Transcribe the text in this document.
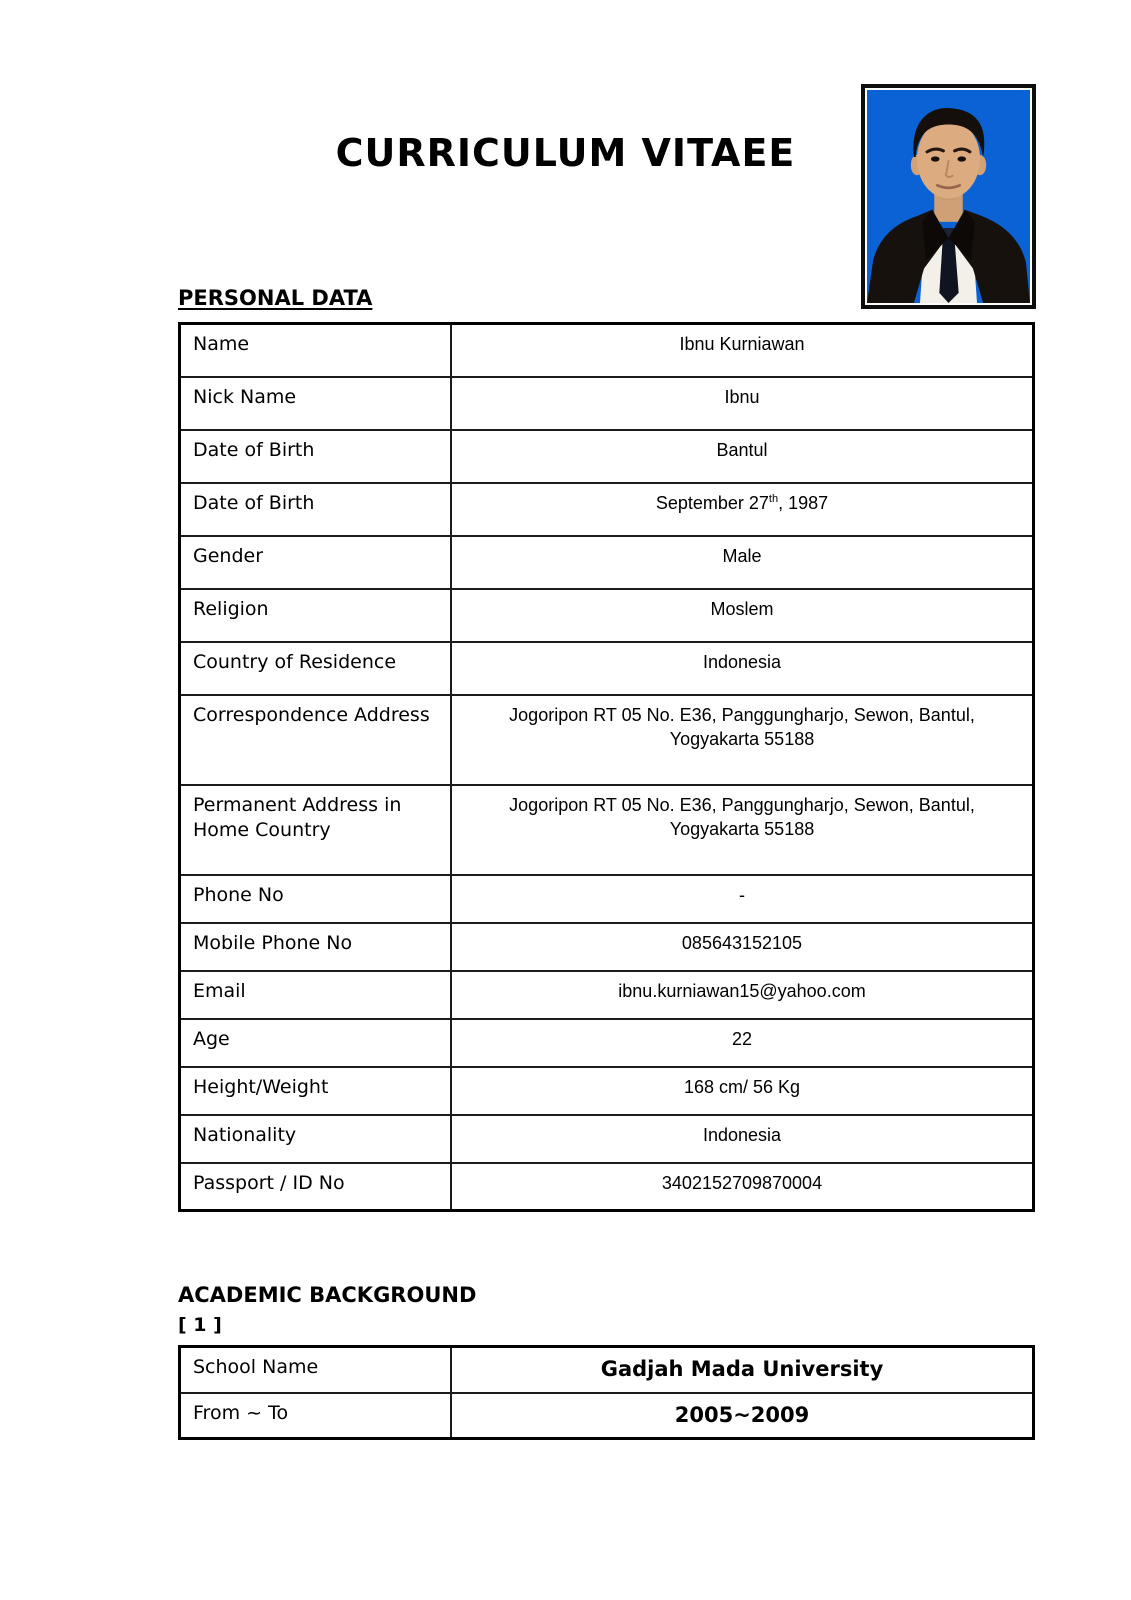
CURRICULUM VITAEE
PERSONAL DATA
Name	Ibnu Kurniawan
Nick Name	Ibnu
Date of Birth	Bantul
Date of Birth	September 27th, 1987
Gender	Male
Religion	Moslem
Country of Residence	Indonesia
Correspondence Address	Jogoripon RT 05 No. E36, Panggungharjo, Sewon, Bantul, Yogyakarta 55188
Permanent Address in Home Country	Jogoripon RT 05 No. E36, Panggungharjo, Sewon, Bantul, Yogyakarta 55188
Phone No	-
Mobile Phone No	085643152105
Email	ibnu.kurniawan15@yahoo.com
Age	22
Height/Weight	168 cm/ 56 Kg
Nationality	Indonesia
Passport / ID No	3402152709870004
ACADEMIC BACKGROUND
[ 1 ]
School Name	Gadjah Mada University
From ~ To	2005~2009
